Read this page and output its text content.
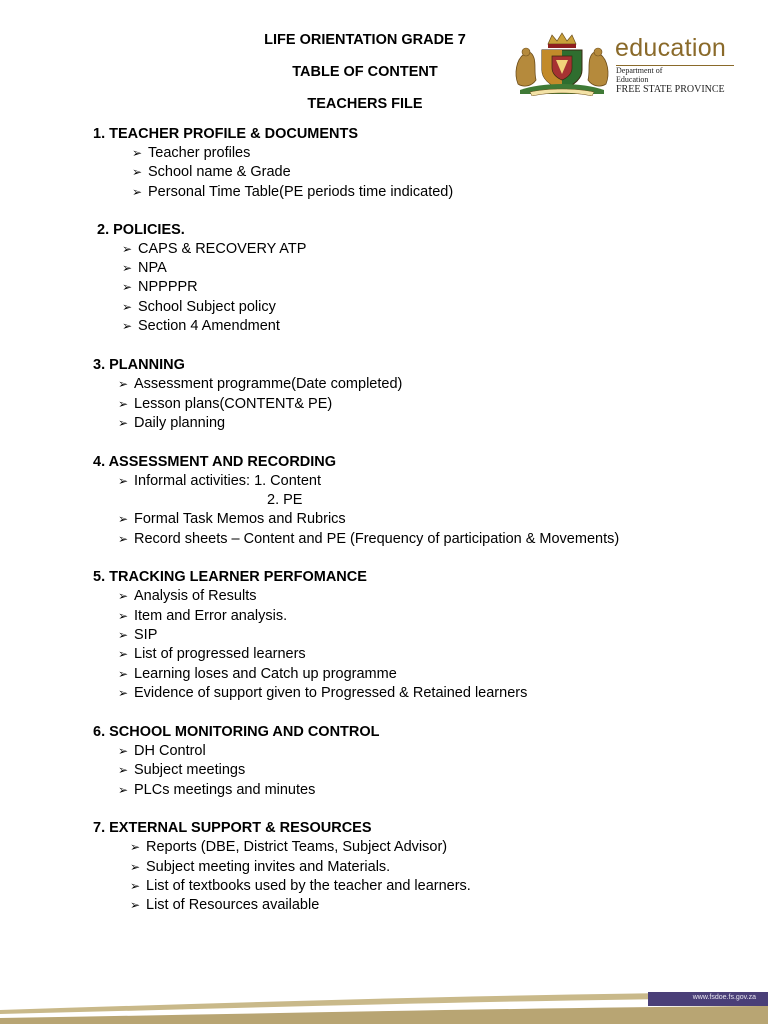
LIFE ORIENTATION GRADE 7
TABLE OF CONTENT
TEACHERS FILE
education
Department of
Education
FREE STATE PROVINCE
1. TEACHER PROFILE & DOCUMENTS
➢ Teacher profiles
➢ School name & Grade
➢ Personal Time Table(PE periods time indicated)
2. POLICIES.
➢ CAPS & RECOVERY ATP
➢ NPA
➢ NPPPPR
➢ School Subject policy
➢ Section 4 Amendment
3. PLANNING
➢ Assessment programme(Date completed)
➢ Lesson plans(CONTENT& PE)
➢ Daily planning
4. ASSESSMENT AND RECORDING
➢ Informal activities: 1. Content
2. PE
➢ Formal Task Memos and Rubrics
➢ Record sheets – Content and PE (Frequency of participation & Movements)
5. TRACKING LEARNER PERFOMANCE
➢ Analysis of Results
➢ Item and Error analysis.
➢ SIP
➢ List of progressed learners
➢ Learning loses and Catch up programme
➢ Evidence of support given to Progressed & Retained learners
6. SCHOOL MONITORING AND CONTROL
➢ DH Control
➢ Subject meetings
➢ PLCs meetings and minutes
7. EXTERNAL SUPPORT & RESOURCES
➢ Reports (DBE, District Teams, Subject Advisor)
➢ Subject meeting invites and Materials.
➢ List of textbooks used by the teacher and learners.
➢ List of Resources available
www.fsdoe.fs.gov.za
